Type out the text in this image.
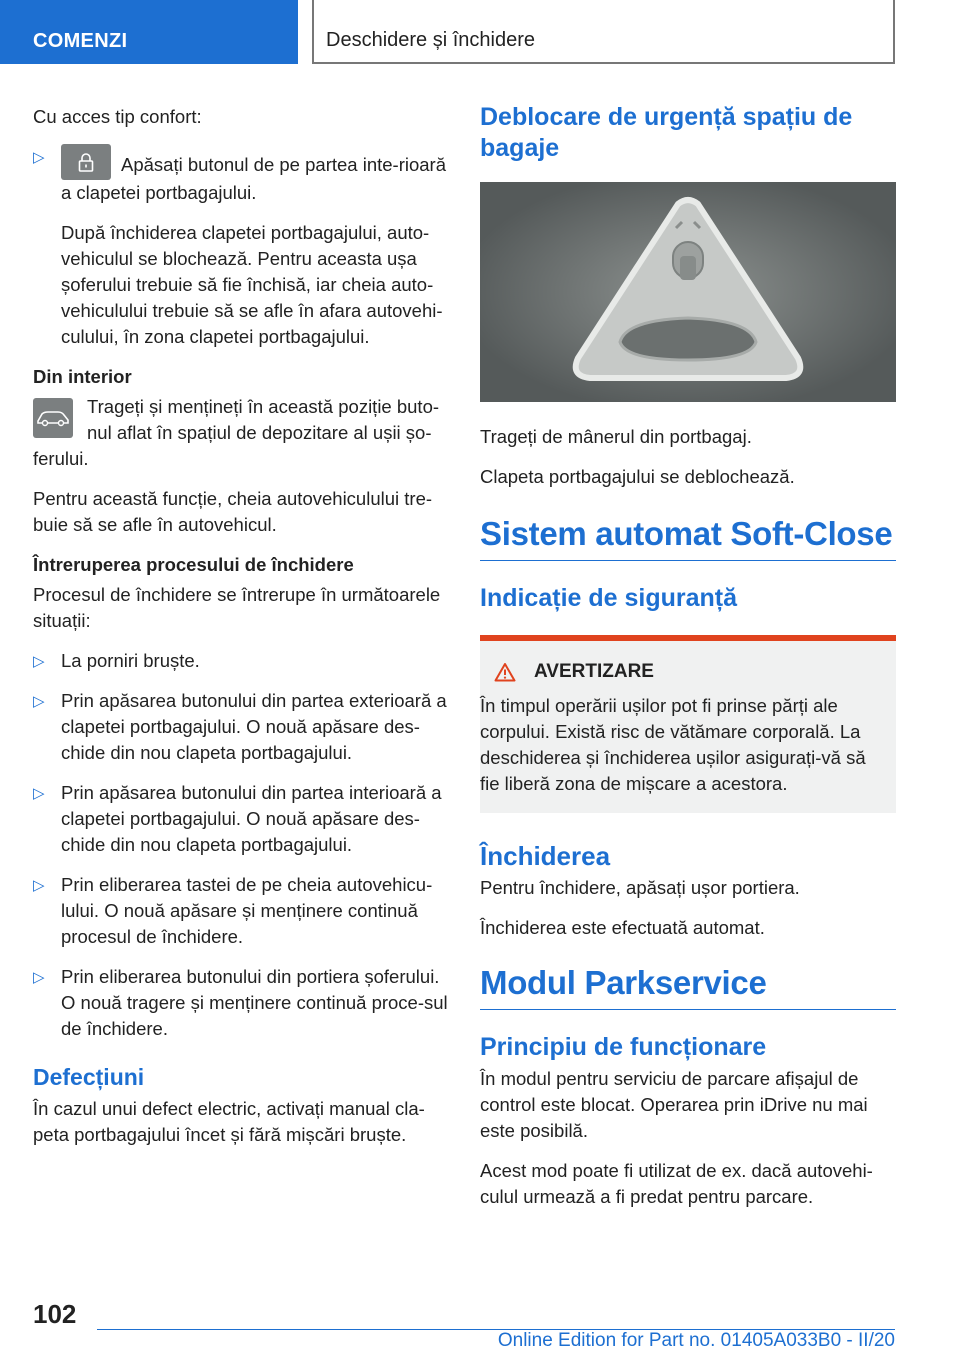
COMENZI	Deschidere și închidere

Cu acces tip confort:

▷	Apăsați butonul de pe partea inte-rioară a clapetei portbagajului.

După închiderea clapetei portbagajului, auto-vehiculul se blochează. Pentru aceasta ușa șoferului trebuie să fie închisă, iar cheia auto-vehiculului trebuie să se afle în afara autovehi-culului, în zona clapetei portbagajului.

Din interior

Trageți și mențineți în această poziție buto-nul aflat în spațiul de depozitare al ușii șo-ferului.

Pentru această funcție, cheia autovehiculului tre-buie să se afle în autovehicul.

Întreruperea procesului de închidere

Procesul de închidere se întrerupe în următoarele situații:

▷ La porniri bruște.
▷ Prin apăsarea butonului din partea exterioară a clapetei portbagajului. O nouă apăsare des-chide din nou clapeta portbagajului.
▷ Prin apăsarea butonului din partea interioară a clapetei portbagajului. O nouă apăsare des-chide din nou clapeta portbagajului.
▷ Prin eliberarea tastei de pe cheia autovehicu-lului. O nouă apăsare și menținere continuă procesul de închidere.
▷ Prin eliberarea butonului din portiera șoferului. O nouă tragere și menținere continuă proce-sul de închidere.
Defecțiuni

În cazul unui defect electric, activați manual cla-peta portbagajului încet și fără mișcări bruște.

Deblocare de urgență spațiu de bagaje

Trageți de mânerul din portbagaj.

Clapeta portbagajului se deblochează.

Sistem automat Soft-Close
Indicație de siguranță
AVERTIZARE
În timpul operării ușilor pot fi prinse părți ale corpului. Există risc de vătămare corporală. La deschiderea și închiderea ușilor asigurați-vă să fie liberă zona de mișcare a acestora.
Închiderea

Pentru închidere, apăsați ușor portiera.

Închiderea este efectuată automat.

Modul Parkservice
Principiu de funcționare

În modul pentru serviciu de parcare afișajul de control este blocat. Operarea prin iDrive nu mai este posibilă.

Acest mod poate fi utilizat de ex. dacă autovehi-culul urmează a fi predat pentru parcare.

102
Online Edition for Part no. 01405A033B0 - II/20
